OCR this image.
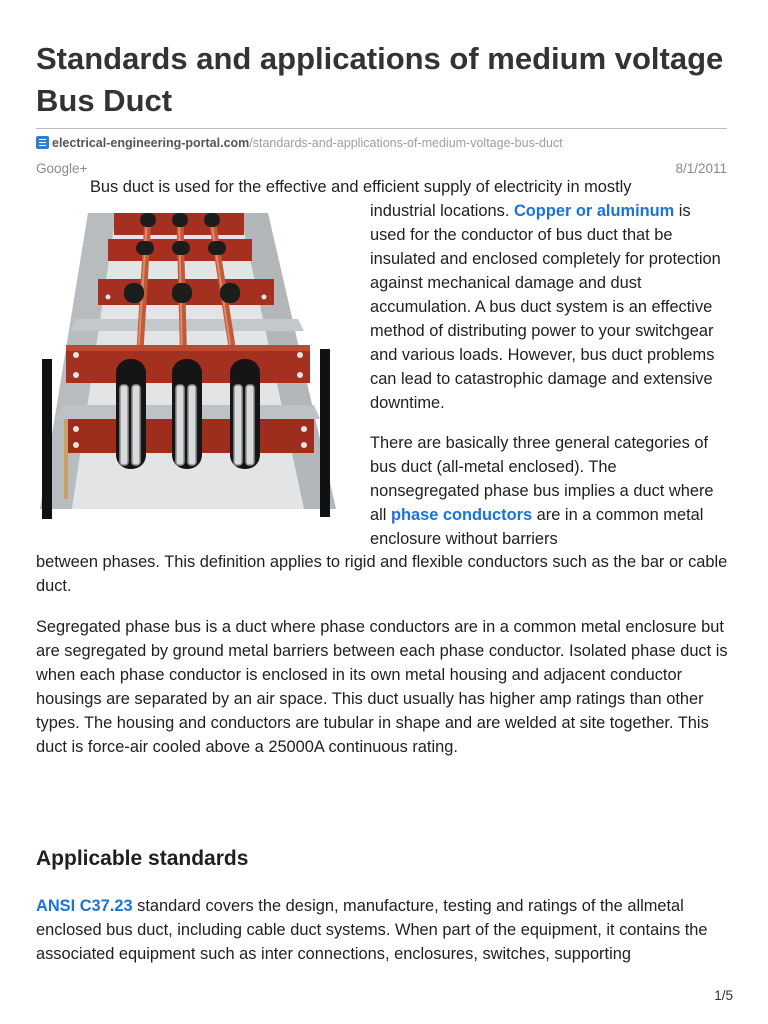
Standards and applications of medium voltage Bus Duct
electrical-engineering-portal.com/standards-and-applications-of-medium-voltage-bus-duct
Google+	8/1/2011
Bus duct is used for the effective and efficient supply of electricity in mostly

industrial locations. Copper or aluminum is used for the conductor of bus duct that be insulated and enclosed completely for protection against mechanical damage and dust accumulation. A bus duct system is an effective method of distributing power to your switchgear and various loads. However, bus duct problems can lead to catastrophic damage and extensive downtime.

There are basically three general categories of bus duct (all-metal enclosed). The nonsegregated phase bus implies a duct where all phase conductors are in a common metal enclosure without barriers

between phases. This definition applies to rigid and flexible conductors such as the bar or cable duct.

Segregated phase bus is a duct where phase conductors are in a common metal enclosure but are segregated by ground metal barriers between each phase conductor. Isolated phase duct is when each phase conductor is enclosed in its own metal housing and adjacent conductor housings are separated by an air space. This duct usually has higher amp ratings than other types. The housing and conductors are tubular in shape and are welded at site together. This duct is force-air cooled above a 25000A continuous rating.

Applicable standards

ANSI C37.23 standard covers the design, manufacture, testing and ratings of the allmetal enclosed bus duct, including cable duct systems. When part of the equipment, it contains the associated equipment such as inter connections, enclosures, switches, supporting

1/5
